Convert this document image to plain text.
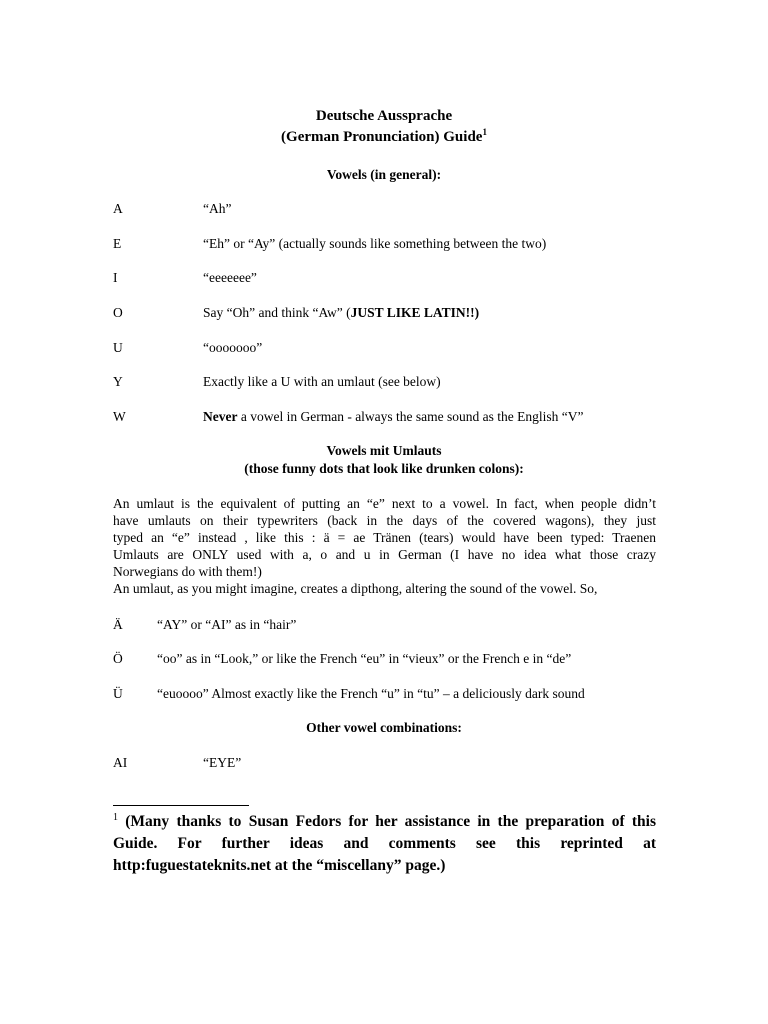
Deutsche Aussprache
(German Pronunciation) Guide$^1$
Vowels (in general):
A	“Ah”
E	“Eh” or “Ay” (actually sounds like something between the two)
I	“eeeeeee”
O	Say “Oh” and think “Aw” (JUST LIKE LATIN!!)
U	“ooooooo”
Y	Exactly like a U with an umlaut (see below)
W	Never a vowel in German - always the same sound as the English “V”
Vowels mit Umlauts
(those funny dots that look like drunken colons):

An umlaut is the equivalent of putting an “e” next to a vowel. In fact, when people didn’t

have umlauts on their typewriters (back in the days of the covered wagons), they just

typed an “e” instead , like this : ä = ae Tränen (tears) would have been typed: Traenen

Umlauts are ONLY used with a, o and u in German (I have no idea what those crazy

Norwegians do with them!)

An umlaut, as you might imagine, creates a dipthong, altering the sound of the vowel. So,

Ä	“AY” or “AI” as in “hair”
Ö	“oo” as in “Look,” or like the French “eu” in “vieux” or the French e in “de”
Ü	“euoooo” Almost exactly like the French “u” in “tu” – a deliciously dark sound
Other vowel combinations:
AI	“EYE”
$^1$ (Many thanks to Susan Fedors for her assistance in the preparation of this
Guide. For further ideas and comments see this reprinted at
http:fuguestateknits.net at the “miscellany” page.)
